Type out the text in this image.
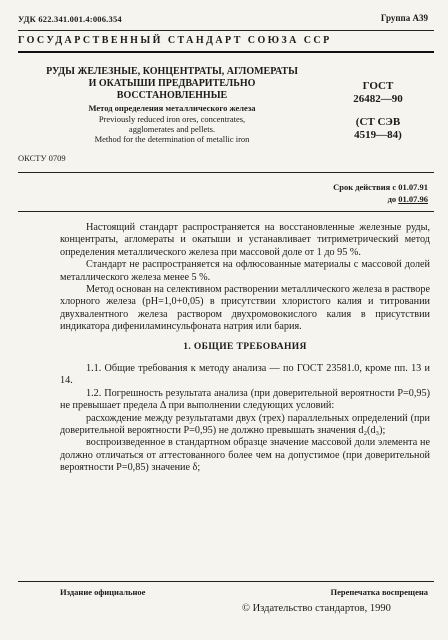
УДК 622.341.001.4:006.354	Группа А39
ГОСУДАРСТВЕННЫЙ СТАНДАРТ СОЮЗА ССР
РУДЫ ЖЕЛЕЗНЫЕ, КОНЦЕНТРАТЫ, АГЛОМЕРАТЫ
И ОКАТЫШИ ПРЕДВАРИТЕЛЬНО
ВОССТАНОВЛЕННЫЕ
Метод определения металлического железа
Previously reduced iron ores, concentrates,
agglomerates and pellets.
Method for the determination of metallic iron
ГОСТ
26482—90
(СТ СЭВ
4519—84)
ОКСТУ 0709
Срок действия с 01.07.91
до 01.07.96

Настоящий стандарт распространяется на восстановленные железные руды, концентраты, агломераты и окатыши и устанавливает титриметрический метод определения металлического железа при массовой доле от 1 до 95 %.

Стандарт не распространяется на офлюсованные материалы с массовой долей металлического железа менее 5 %.

Метод основан на селективном растворении металлического железа в растворе хлорного железа (pH=1,0+0,05) в присутствии хлористого калия и титровании двухвалентного железа раствором двухромовокислого калия в присутствии индикатора дифениламинсульфоната натрия или бария.

1. ОБЩИЕ ТРЕБОВАНИЯ

1.1. Общие требования к методу анализа — по ГОСТ 23581.0, кроме пп. 13 и 14.

1.2. Погрешность результата анализа (при доверительной вероятности P=0,95) не превышает предела Δ при выполнении следующих условий:

расхождение между результатами двух (трех) параллельных определений (при доверительной вероятности P=0,95) не должно превышать значения d₂(d₃);

воспроизведенное в стандартном образце значение массовой доли элемента не должно отличаться от аттестованного более чем на допустимое (при доверительной вероятности P=0,85) значение δ;

Издание официальное	Перепечатка воспрещена
© Издательство стандартов, 1990
